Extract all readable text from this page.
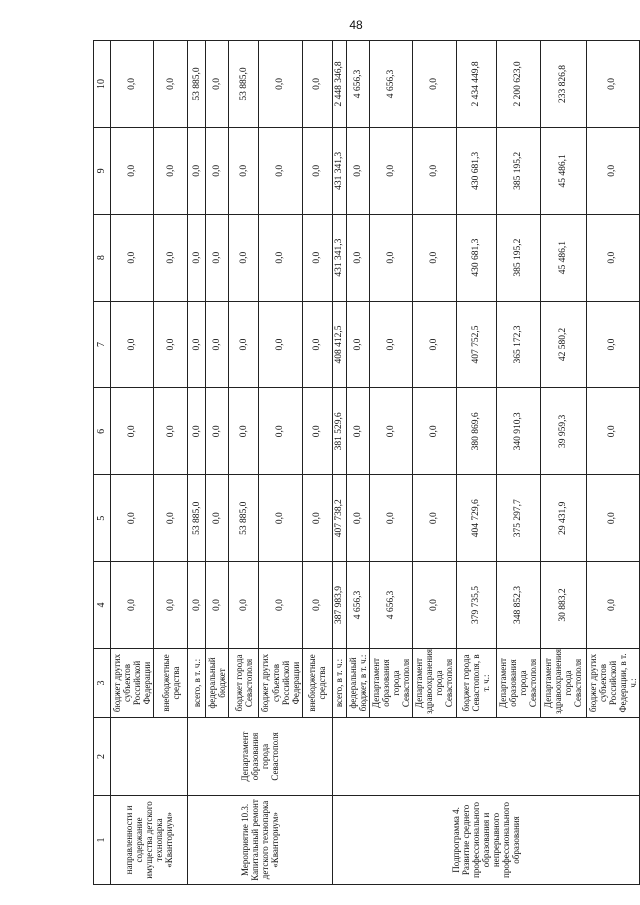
48
1	2	3	4	5	6	7	8	9	10
направленности и содержание имущества детского технопарка «Кванториум»		бюджет других субъектов Российской Федерации	0,0	0,0	0,0	0,0	0,0	0,0	0,0
		внебюджетные средства	0,0	0,0	0,0	0,0	0,0	0,0	0,0
Мероприятие 10.3. Капитальный ремонт детского технопарка «Кванториум»	Департамент образования города Севастополя	всего, в т. ч.:	0,0	53 885,0	0,0	0,0	0,0	0,0	53 885,0
		федеральный бюджет	0,0	0,0	0,0	0,0	0,0	0,0	0,0
		бюджет города Севастополя	0,0	53 885,0	0,0	0,0	0,0	0,0	53 885,0
		бюджет других субъектов Российской Федерации	0,0	0,0	0,0	0,0	0,0	0,0	0,0
		внебюджетные средства	0,0	0,0	0,0	0,0	0,0	0,0	0,0
Подпрограмма 4. Развитие среднего профессионального образования и непрерывного профессионального образования		всего, в т. ч.:	387 983,9	407 738,2	381 529,6	408 412,5	431 341,3	431 341,3	2 448 346,8
		федеральный бюджет, в т. ч.:	4 656,3	0,0	0,0	0,0	0,0	0,0	4 656,3
		Департамент образования города Севастополя	4 656,3	0,0	0,0	0,0	0,0	0,0	4 656,3
		Департамент здравоохранения города Севастополя	0,0	0,0	0,0	0,0	0,0	0,0	0,0
		бюджет города Севастополя, в т. ч.:	379 735,5	404 729,6	380 869,6	407 752,5	430 681,3	430 681,3	2 434 449,8
		Департамент образования города Севастополя	348 852,3	375 297,7	340 910,3	365 172,3	385 195,2	385 195,2	2 200 623,0
		Департамент здравоохранения города Севастополя	30 883,2	29 431,9	39 959,3	42 580,2	45 486,1	45 486,1	233 826,8
		бюджет других субъектов Российской Федерации, в т. ч.:	0,0	0,0	0,0	0,0	0,0	0,0	0,0
